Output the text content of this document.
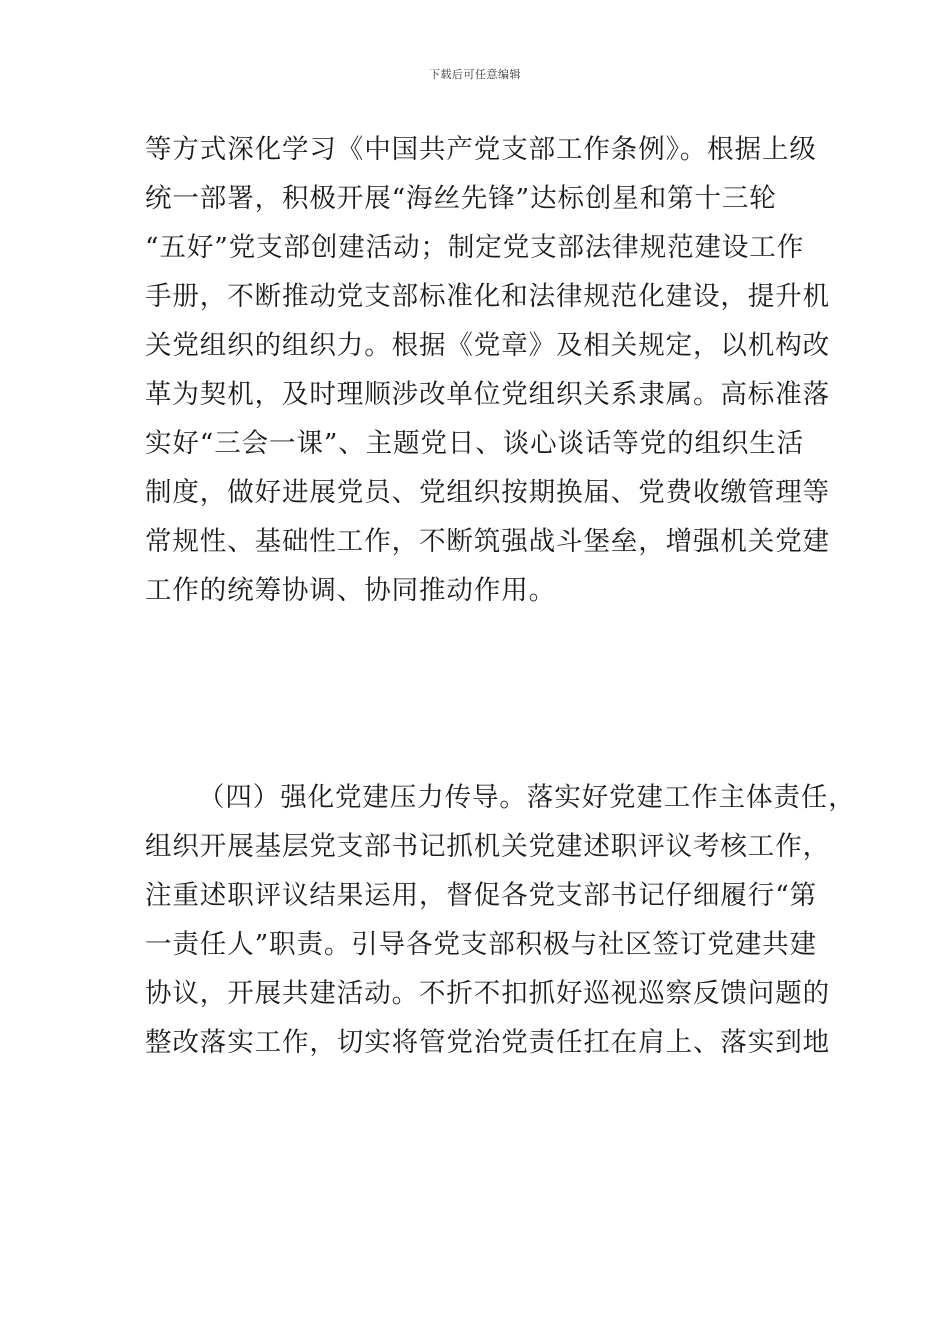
下载后可任意编辑
等方式深化学习《中国共产党支部工作条例》。根据上级
统一部署，积极开展“海丝先锋”达标创星和第十三轮
“五好”党支部创建活动；制定党支部法律规范建设工作
手册，不断推动党支部标准化和法律规范化建设，提升机
关党组织的组织力。根据《党章》及相关规定，以机构改
革为契机，及时理顺涉改单位党组织关系隶属。高标准落
实好“三会一课”、主题党日、谈心谈话等党的组织生活
制度，做好进展党员、党组织按期换届、党费收缴管理等
常规性、基础性工作，不断筑强战斗堡垒，增强机关党建
工作的统筹协调、协同推动作用。
（四）强化党建压力传导。落实好党建工作主体责任，
组织开展基层党支部书记抓机关党建述职评议考核工作，
注重述职评议结果运用，督促各党支部书记仔细履行“第
一责任人”职责。引导各党支部积极与社区签订党建共建
协议，开展共建活动。不折不扣抓好巡视巡察反馈问题的
整改落实工作，切实将管党治党责任扛在肩上、落实到地
